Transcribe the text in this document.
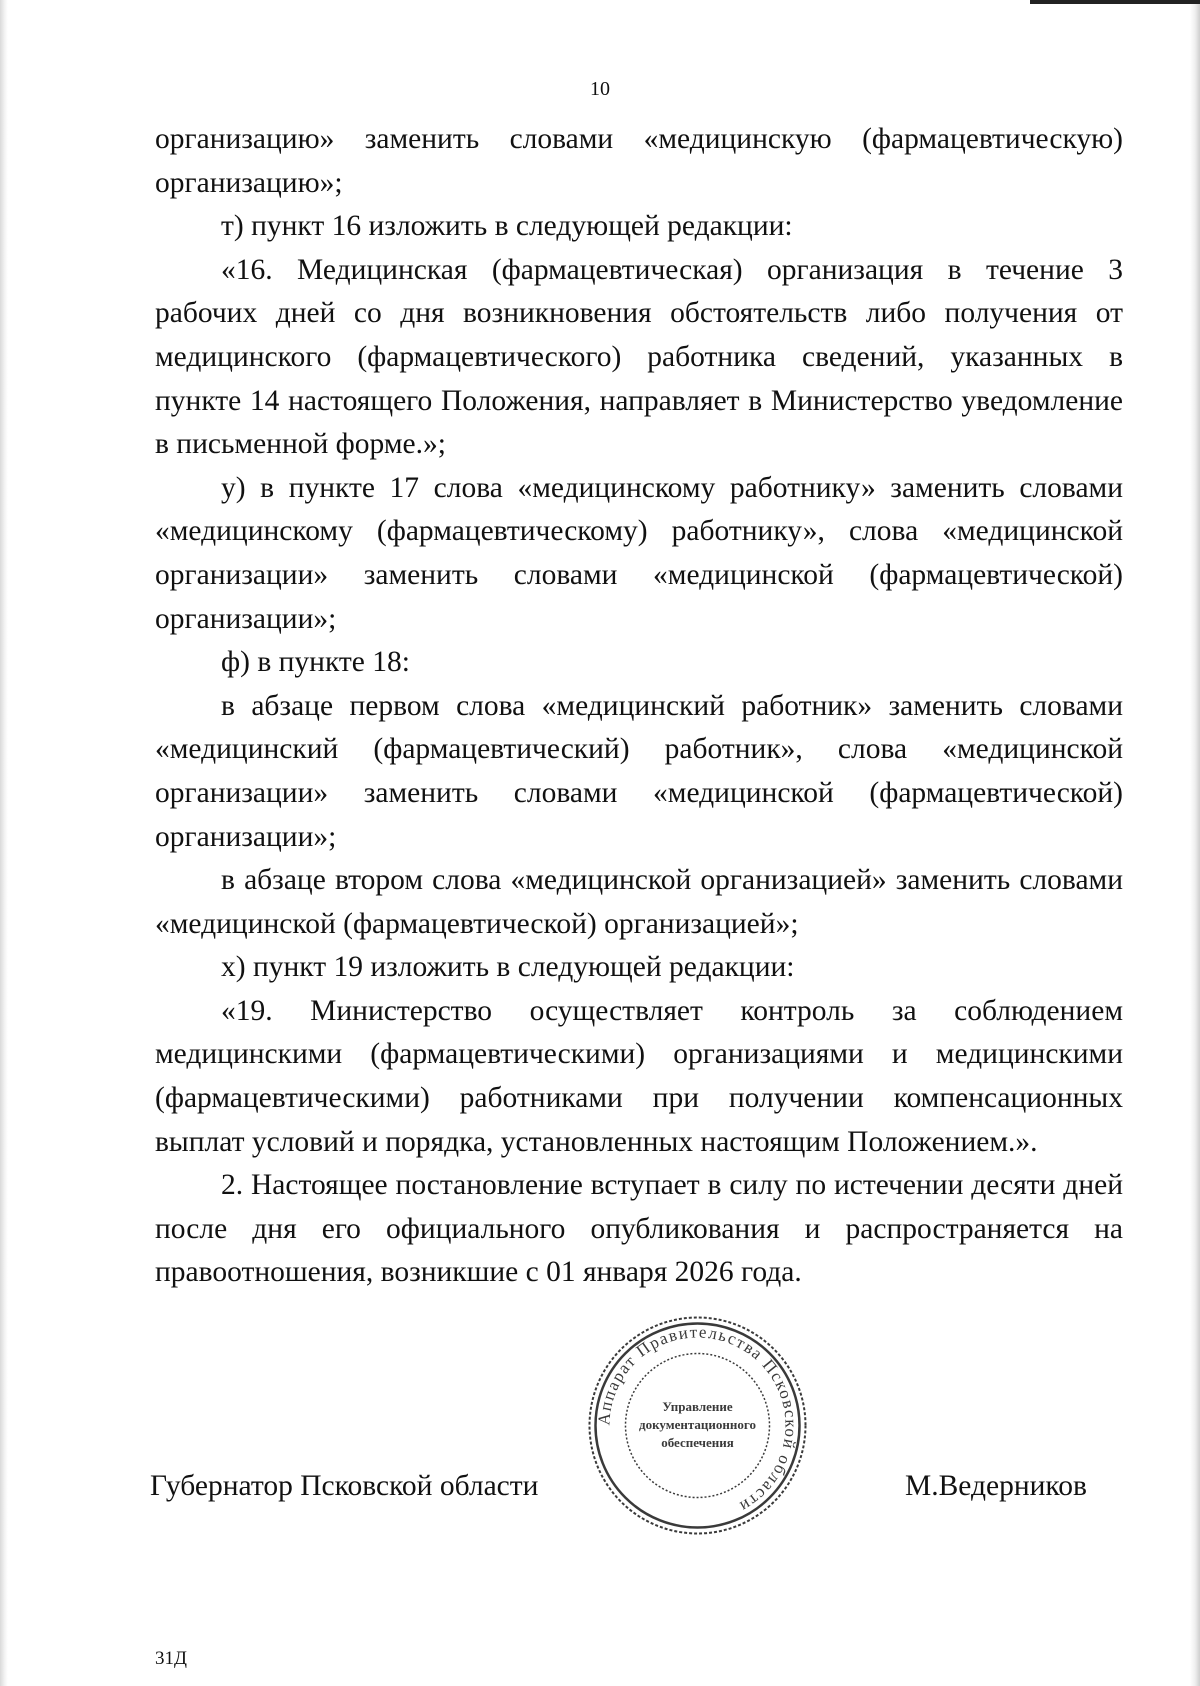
10

организацию» заменить словами «медицинскую (фармацевтическую) организацию»;

т) пункт 16 изложить в следующей редакции:

«16. Медицинская (фармацевтическая) организация в течение 3 рабочих дней со дня возникновения обстоятельств либо получения от медицинского (фармацевтического) работника сведений, указанных в пункте 14 настоящего Положения, направляет в Министерство уведомление в письменной форме.»;

у) в пункте 17 слова «медицинскому работнику» заменить словами «медицинскому (фармацевтическому) работнику», слова «медицинской организации» заменить словами «медицинской (фармацевтической) организации»;

ф) в пункте 18:

в абзаце первом слова «медицинский работник» заменить словами «медицинский (фармацевтический) работник», слова «медицинской организации» заменить словами «медицинской (фармацевтической) организации»;

в абзаце втором слова «медицинской организацией» заменить словами «медицинской (фармацевтической) организацией»;

х) пункт 19 изложить в следующей редакции:

«19. Министерство осуществляет контроль за соблюдением медицинскими (фармацевтическими) организациями и медицинскими (фармацевтическими) работниками при получении компенсационных выплат условий и порядка, установленных настоящим Положением.».

2. Настоящее постановление вступает в силу по истечении десяти дней после дня его официального опубликования и распространяется на правоотношения, возникшие с 01 января 2026 года.

Губернатор Псковской области	М.Ведерников
Аппарат Правительства Псковской области
Управление
документационного
обеспечения
31Д
